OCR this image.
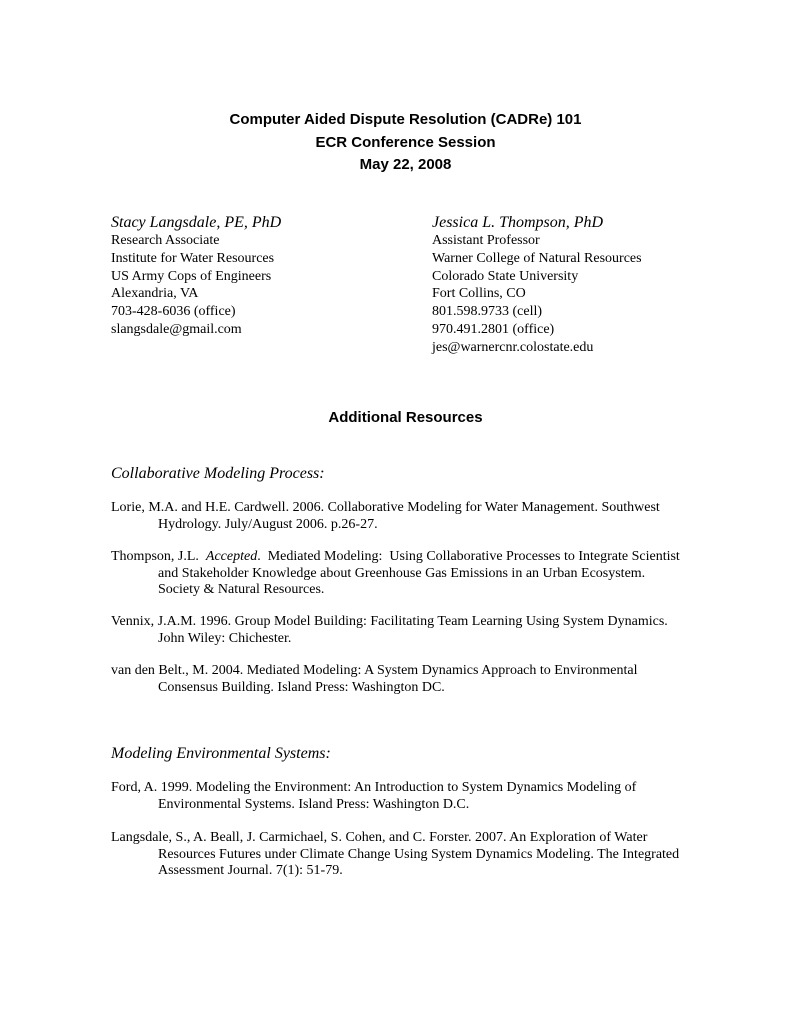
Computer Aided Dispute Resolution (CADRe) 101
ECR Conference Session
May 22, 2008
Stacy Langsdale, PE, PhD
Research Associate
Institute for Water Resources
US Army Cops of Engineers
Alexandria, VA
703-428-6036 (office)
slangsdale@gmail.com
Jessica L. Thompson, PhD
Assistant Professor
Warner College of Natural Resources
Colorado State University
Fort Collins, CO
801.598.9733 (cell)
970.491.2801 (office)
jes@warnercnr.colostate.edu
Additional Resources
Collaborative Modeling Process:
Lorie, M.A. and H.E. Cardwell. 2006. Collaborative Modeling for Water Management. Southwest
Hydrology. July/August 2006. p.26-27.
Thompson, J.L.  Accepted.  Mediated Modeling:  Using Collaborative Processes to Integrate Scientist
and Stakeholder Knowledge about Greenhouse Gas Emissions in an Urban Ecosystem.
Society & Natural Resources.
Vennix, J.A.M. 1996. Group Model Building: Facilitating Team Learning Using System Dynamics.
John Wiley: Chichester.
van den Belt., M. 2004. Mediated Modeling: A System Dynamics Approach to Environmental
Consensus Building. Island Press: Washington DC.
Modeling Environmental Systems:
Ford, A. 1999. Modeling the Environment: An Introduction to System Dynamics Modeling of
Environmental Systems. Island Press: Washington D.C.
Langsdale, S., A. Beall, J. Carmichael, S. Cohen, and C. Forster. 2007. An Exploration of Water
Resources Futures under Climate Change Using System Dynamics Modeling. The Integrated
Assessment Journal. 7(1): 51-79.
